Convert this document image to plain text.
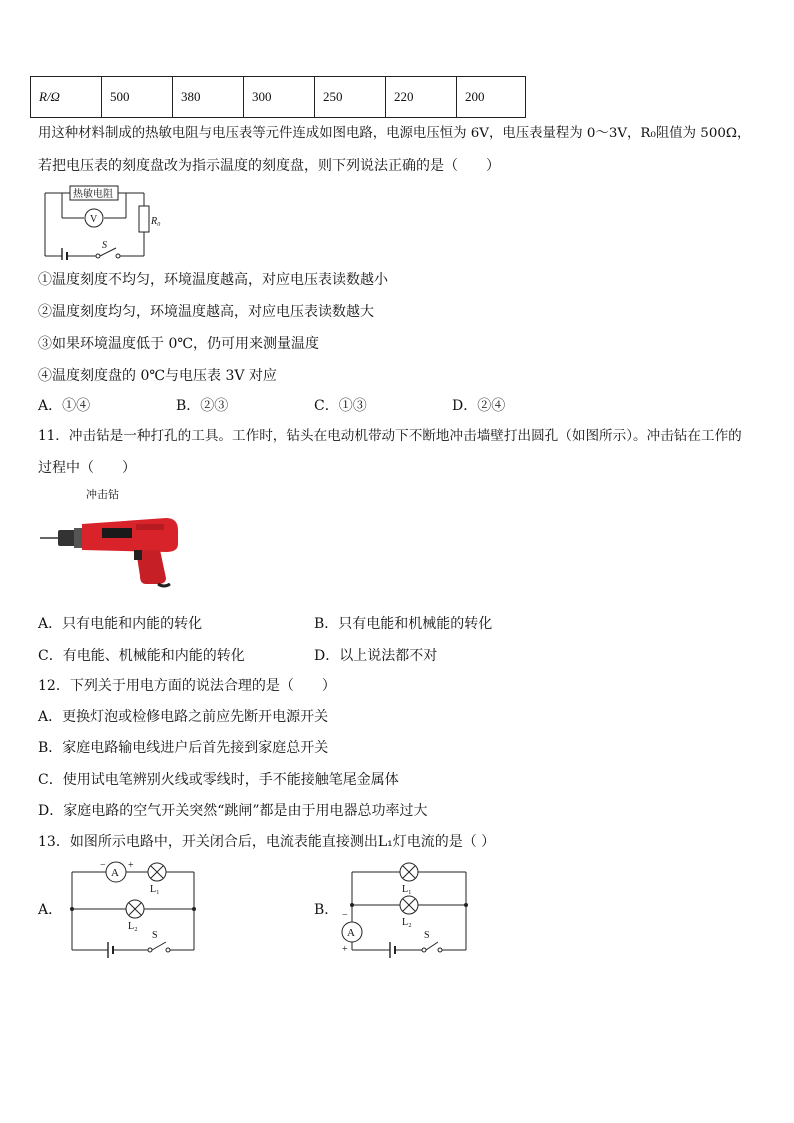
R/Ω	500	380	300	250	220	200
用这种材料制成的热敏电阻与电压表等元件连成如图电路，电源电压恒为 6V，电压表量程为 0～3V，R₀阻值为 500Ω，
若把电压表的刻度盘改为指示温度的刻度盘，则下列说法正确的是（　　）
热敏电阻
V	R₀
S
①温度刻度不均匀，环境温度越高，对应电压表读数越小
②温度刻度均匀，环境温度越高，对应电压表读数越大
③如果环境温度低于 0℃，仍可用来测量温度
④温度刻度盘的 0℃与电压表 3V 对应
A．①④	B．②③	C．①③	D．②④
11．冲击钻是一种打孔的工具。工作时，钻头在电动机带动下不断地冲击墙壁打出圆孔（如图所示）。冲击钻在工作的
过程中（　　）
冲击钻
A．只有电能和内能的转化	B．只有电能和机械能的转化
C．有电能、机械能和内能的转化	D．以上说法都不对
12．下列关于用电方面的说法合理的是（　　）
A．更换灯泡或检修电路之前应先断开电源开关
B．家庭电路输电线进户后首先接到家庭总开关
C．使用试电笔辨别火线或零线时，手不能接触笔尾金属体
D．家庭电路的空气开关突然“跳闸”都是由于用电器总功率过大
13．如图所示电路中，开关闭合后，电流表能直接测出L₁灯电流的是（ ）
A．
A
− +
L₁
L₂
S
B．
A
−
+
L₁
L₂
S
